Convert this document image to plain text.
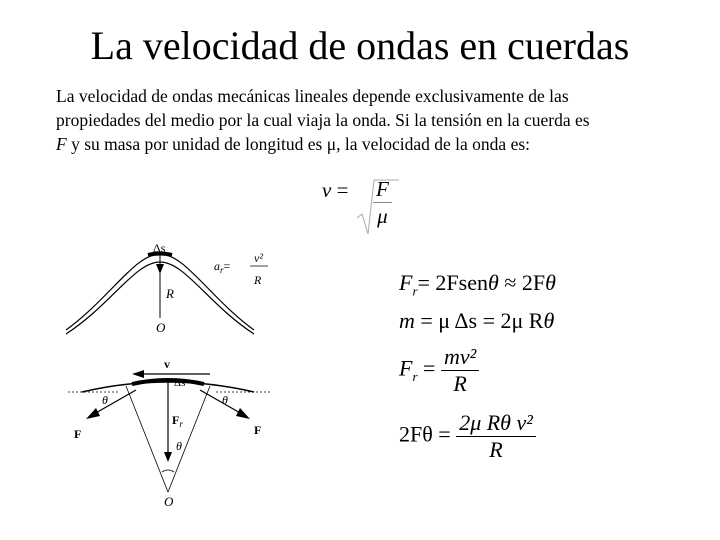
La velocidad de ondas en cuerdas
La velocidad de ondas mecánicas lineales depende exclusivamente de las
propiedades del medio por la cual viaja la onda. Si la tensión en la cuerda es
F y su masa por unidad de longitud es μ, la velocidad de la onda es:
$v = \frac{F}{\mu}$
$F_r=$ 2Fsenθ ≈ 2Fθ
m = μ Δs = 2μ Rθ
$F_r = \frac{\text{mv²}}{R}$
$2F\theta = \frac{\text{2μ Rθ v²}}{R}$
Δs
$a_r=$
v²
R
R
O
v
Δs
θ	θ
F	F
$F_r$
θ
O
